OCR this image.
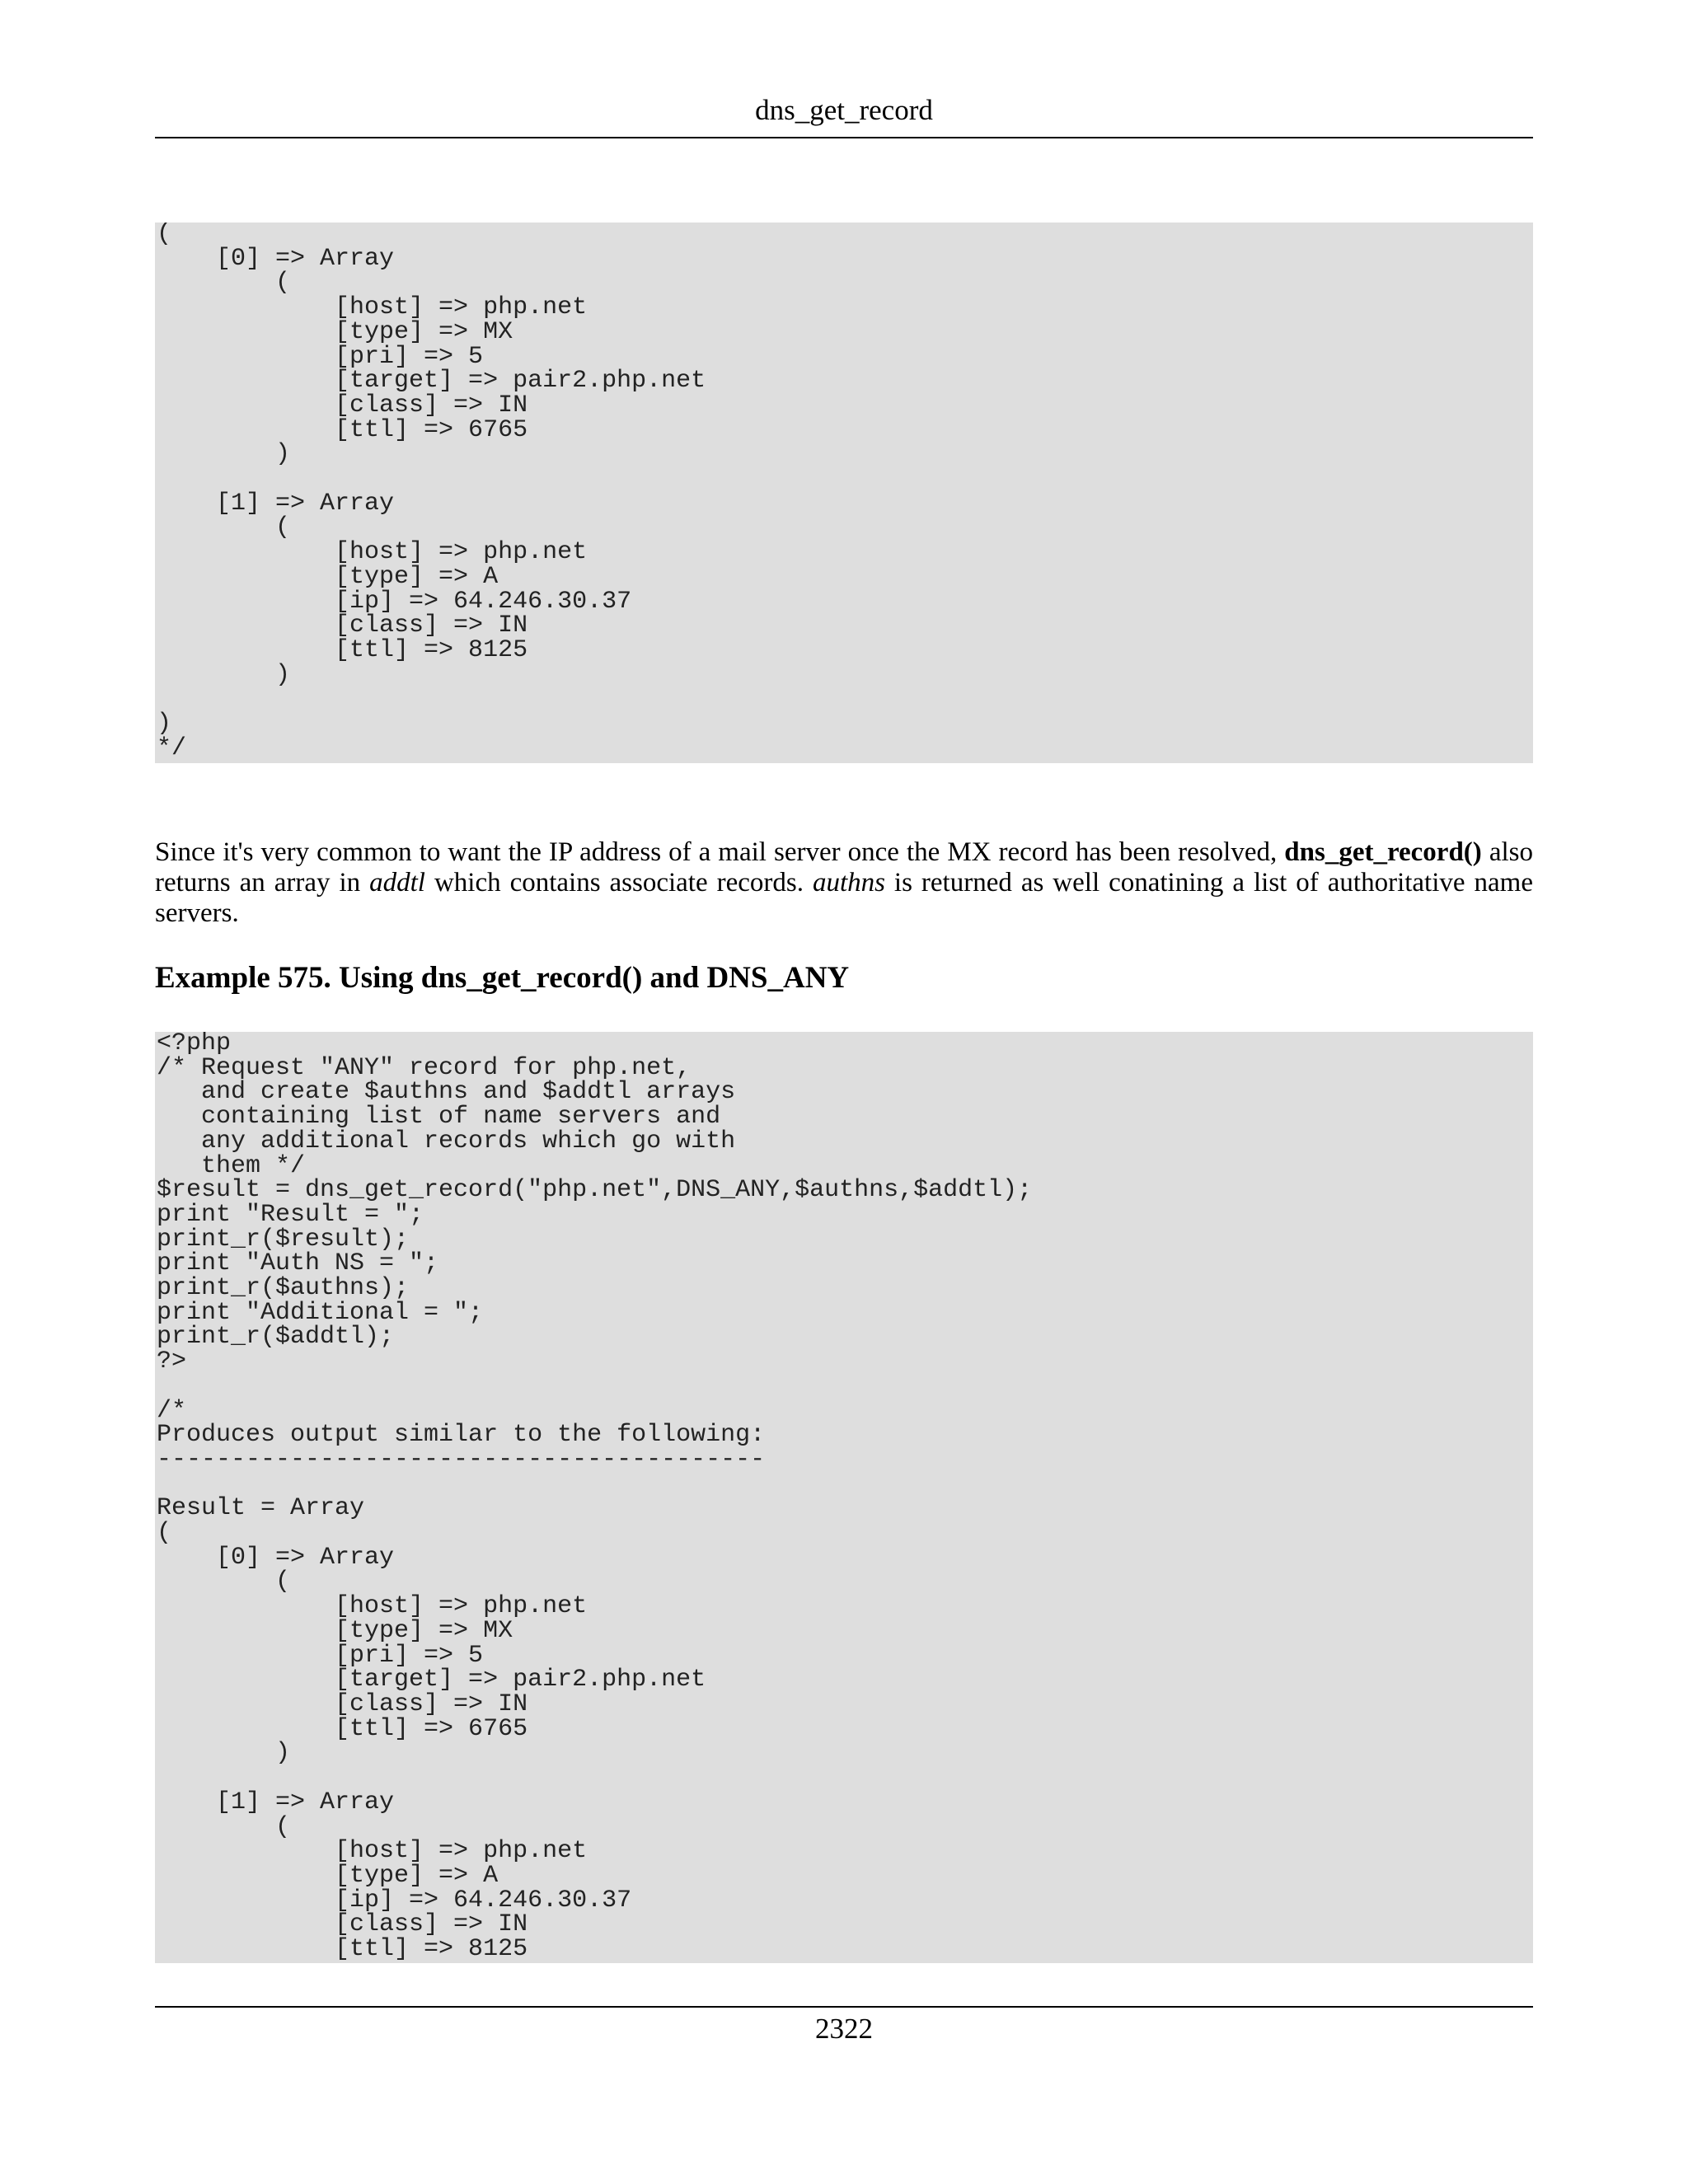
dns_get_record
(
[0] => Array
(
[host] => php.net
[type] => MX
[pri] => 5
[target] => pair2.php.net
[class] => IN
[ttl] => 6765
)

[1] => Array
(
[host] => php.net
[type] => A
[ip] => 64.246.30.37
[class] => IN
[ttl] => 8125
)

)
*/

Since it's very common to want the IP address of a mail server once the MX record has been resolved, dns_get_record() also returns an array in addtl which contains associate records. authns is returned as well conatining a list of authoritative name servers.

Example 575. Using dns_get_record() and DNS_ANY
<?php
/* Request "ANY" record for php.net,
and create $authns and $addtl arrays
containing list of name servers and
any additional records which go with
them */
$result = dns_get_record("php.net",DNS_ANY,$authns,$addtl);
print "Result = ";
print_r($result);
print "Auth NS = ";
print_r($authns);
print "Additional = ";
print_r($addtl);
?>

/*
Produces output similar to the following:
-----------------------------------------

Result = Array
(
[0] => Array
(
[host] => php.net
[type] => MX
[pri] => 5
[target] => pair2.php.net
[class] => IN
[ttl] => 6765
)

[1] => Array
(
[host] => php.net
[type] => A
[ip] => 64.246.30.37
[class] => IN
[ttl] => 8125
2322
